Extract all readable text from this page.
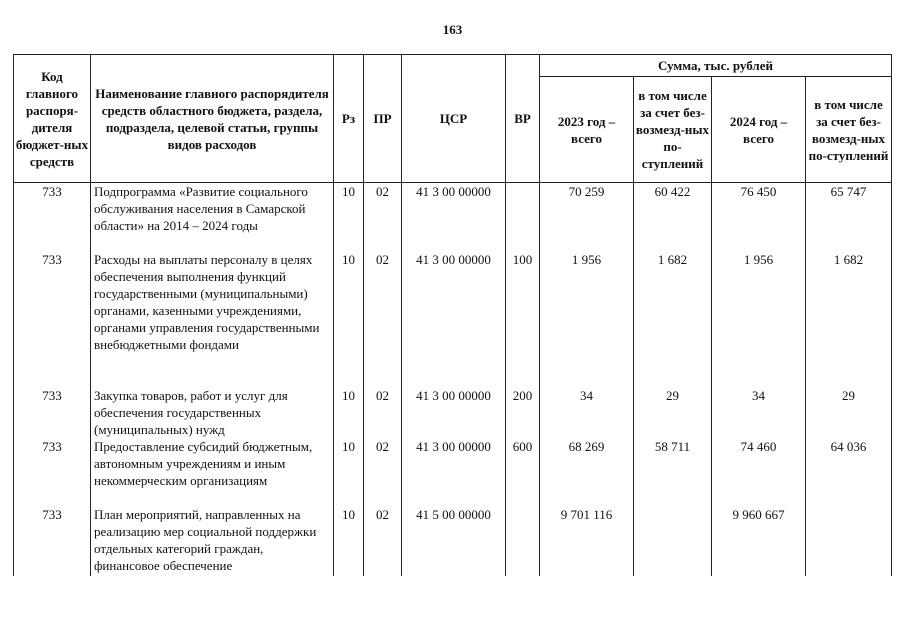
163
Код главного распоря-дителя бюджет-ных средств	Наименование главного распорядителя средств областного бюджета, раздела, подраздела, целевой статьи, группы видов расходов	Рз	ПР	ЦСР	ВР	Сумма, тыс. рублей			
						2023 год – всего	в том числе за счет без-возмезд-ных по-ступлений	2024 год – всего	в том числе за счет без-возмезд-ных по-ступлений
733	Подпрограмма «Развитие социального обслуживания населения в Самарской области» на 2014 – 2024 годы	10	02	41 3 00 00000		70 259	60 422	76 450	65 747
733	Расходы на выплаты персоналу в целях обеспечения выполнения функций государственными (муниципальными) органами, казенными учреждениями, органами управления государственными внебюджетными фондами	10	02	41 3 00 00000	100	1 956	1 682	1 956	1 682
733	Закупка товаров, работ и услуг для обеспечения государственных (муниципальных) нужд	10	02	41 3 00 00000	200	34	29	34	29
733	Предоставление субсидий бюджетным, автономным учреждениям и иным некоммерческим организациям	10	02	41 3 00 00000	600	68 269	58 711	74 460	64 036
733	План мероприятий, направленных на реализацию мер социальной поддержки отдельных категорий граждан, финансовое обеспечение	10	02	41 5 00 00000		9 701 116		9 960 667	
